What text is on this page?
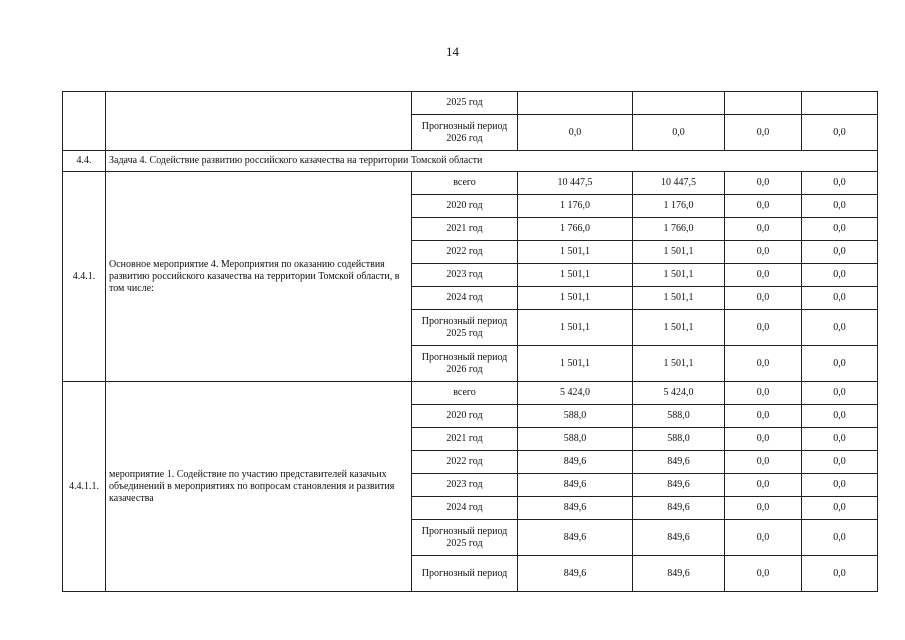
14
		2025 год				
		Прогнозный период 2026 год	0,0	0,0	0,0	0,0
4.4.	Задача 4. Содействие развитию российского казачества на территории Томской области					
4.4.1.	Основное мероприятие 4. Мероприятия по оказанию содействия развитию российского казачества на территории Томской области, в том числе:	всего	10 447,5	10 447,5	0,0	0,0
		2020 год	1 176,0	1 176,0	0,0	0,0
		2021 год	1 766,0	1 766,0	0,0	0,0
		2022 год	1 501,1	1 501,1	0,0	0,0
		2023 год	1 501,1	1 501,1	0,0	0,0
		2024 год	1 501,1	1 501,1	0,0	0,0
		Прогнозный период 2025 год	1 501,1	1 501,1	0,0	0,0
		Прогнозный период 2026 год	1 501,1	1 501,1	0,0	0,0
4.4.1.1.	мероприятие 1. Содействие по участию представителей казачьих объединений в мероприятиях по вопросам становления и развития казачества	всего	5 424,0	5 424,0	0,0	0,0
		2020 год	588,0	588,0	0,0	0,0
		2021 год	588,0	588,0	0,0	0,0
		2022 год	849,6	849,6	0,0	0,0
		2023 год	849,6	849,6	0,0	0,0
		2024 год	849,6	849,6	0,0	0,0
		Прогнозный период 2025 год	849,6	849,6	0,0	0,0
		Прогнозный период	849,6	849,6	0,0	0,0
